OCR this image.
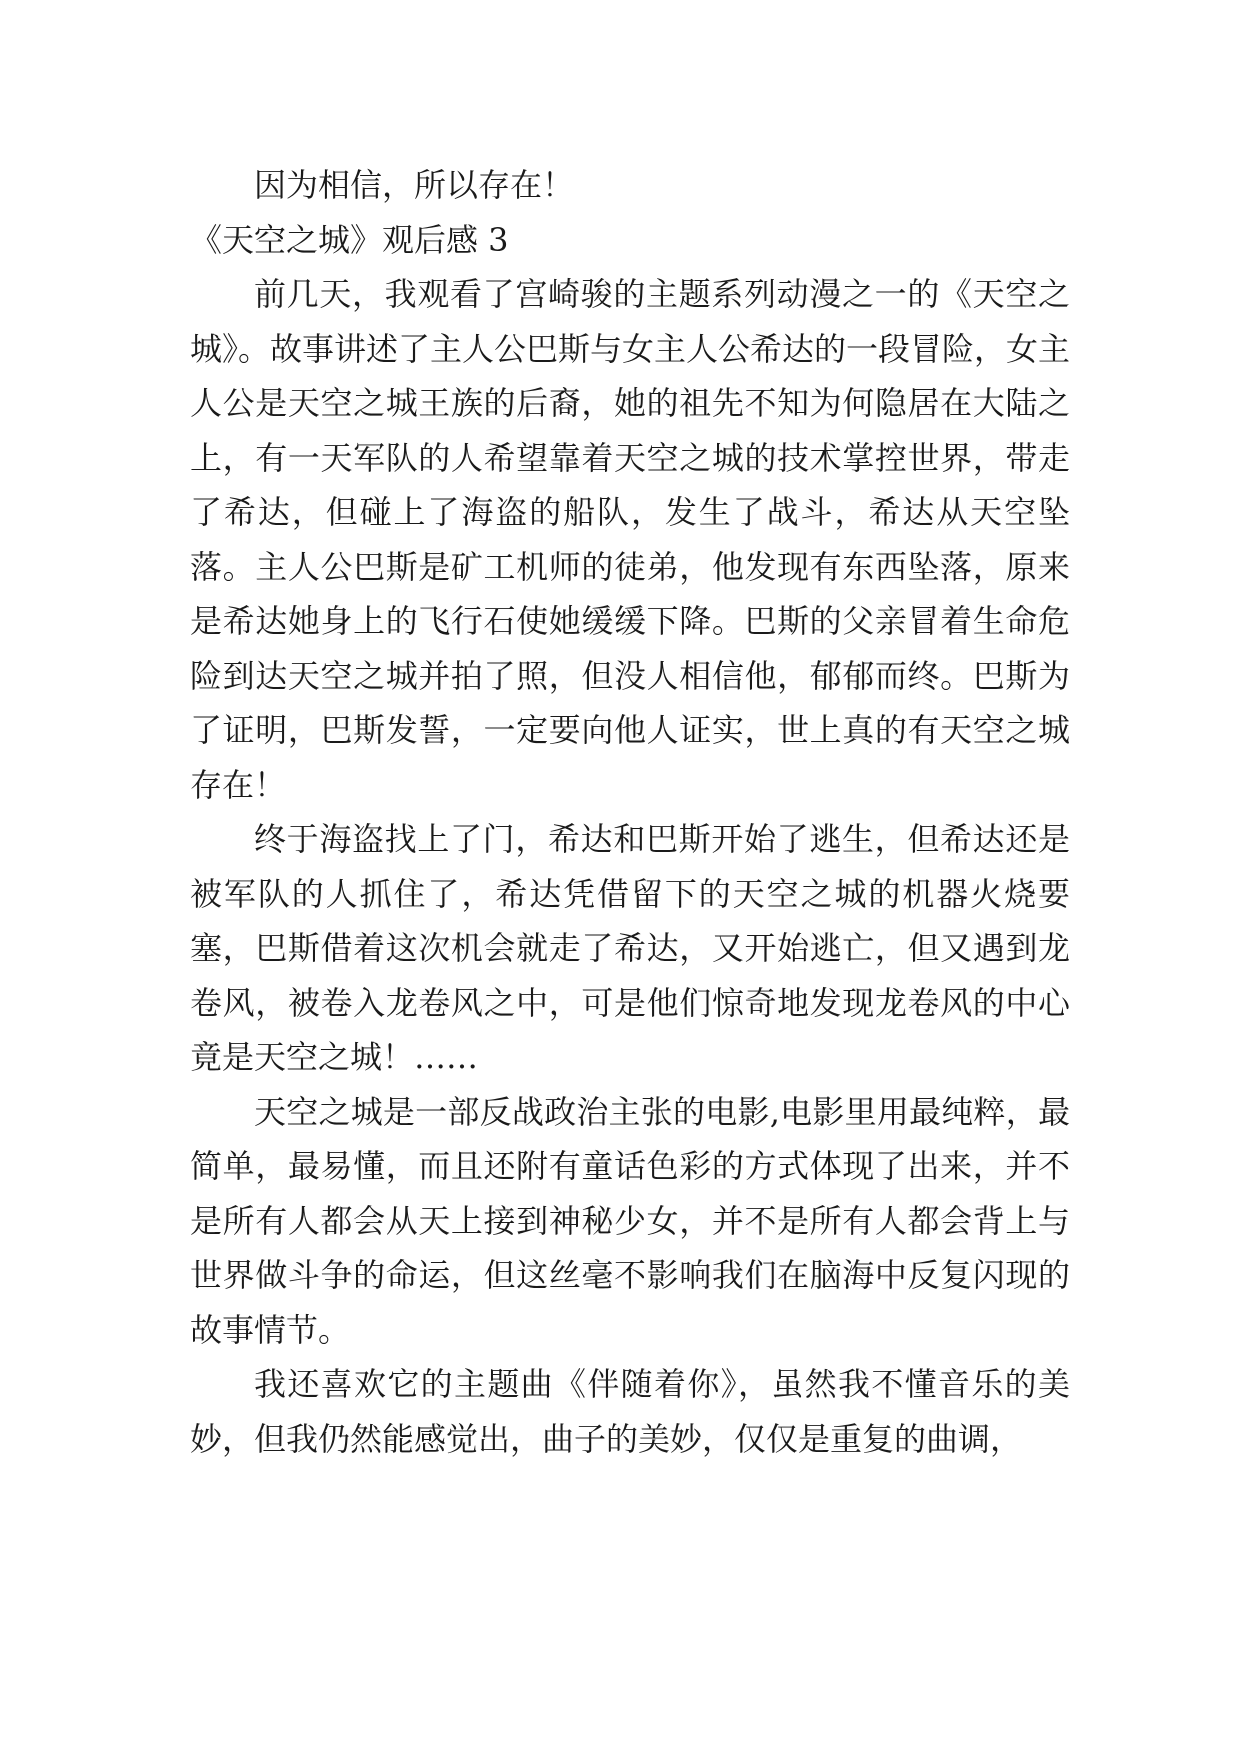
因为相信，所以存在！

《天空之城》观后感 3

前几天，我观看了宫崎骏的主题系列动漫之一的《天空之城》。故事讲述了主人公巴斯与女主人公希达的一段冒险，女主人公是天空之城王族的后裔，她的祖先不知为何隐居在大陆之上，有一天军队的人希望靠着天空之城的技术掌控世界，带走了希达，但碰上了海盗的船队，发生了战斗，希达从天空坠落。主人公巴斯是矿工机师的徒弟，他发现有东西坠落，原来是希达她身上的飞行石使她缓缓下降。巴斯的父亲冒着生命危险到达天空之城并拍了照，但没人相信他，郁郁而终。巴斯为了证明，巴斯发誓，一定要向他人证实，世上真的有天空之城存在！

终于海盗找上了门，希达和巴斯开始了逃生，但希达还是被军队的人抓住了，希达凭借留下的天空之城的机器火烧要塞，巴斯借着这次机会就走了希达，又开始逃亡，但又遇到龙卷风，被卷入龙卷风之中，可是他们惊奇地发现龙卷风的中心竟是天空之城！……

天空之城是一部反战政治主张的电影,电影里用最纯粹，最简单，最易懂，而且还附有童话色彩的方式体现了出来，并不是所有人都会从天上接到神秘少女，并不是所有人都会背上与世界做斗争的命运，但这丝毫不影响我们在脑海中反复闪现的故事情节。

我还喜欢它的主题曲《伴随着你》，虽然我不懂音乐的美妙，但我仍然能感觉出，曲子的美妙，仅仅是重复的曲调，
